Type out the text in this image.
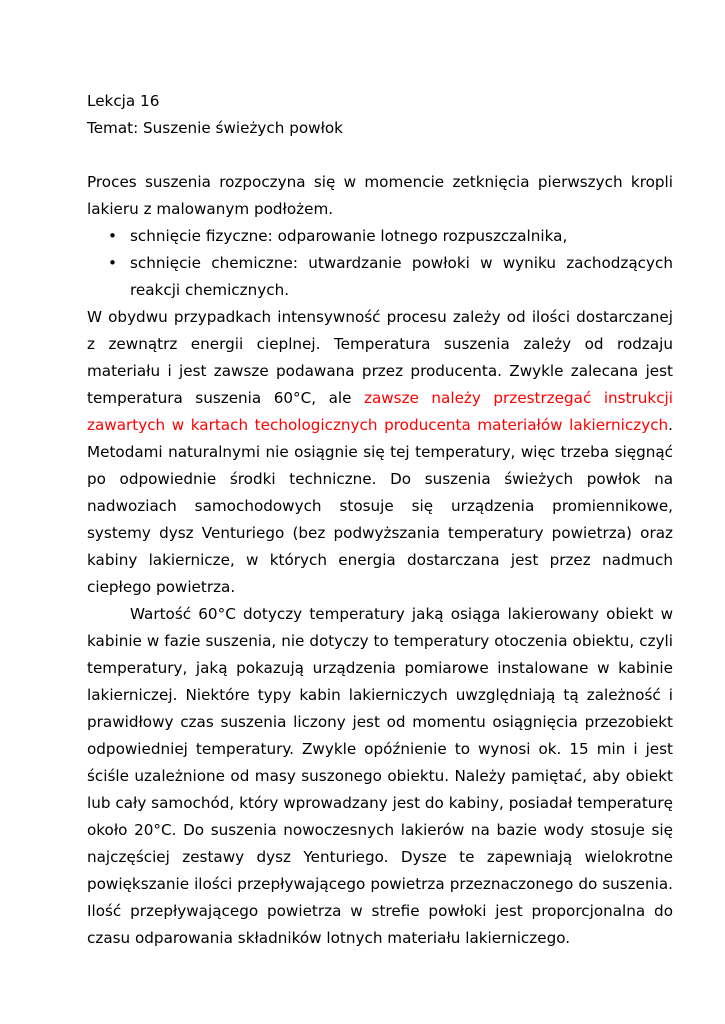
Lekcja 16

Temat: Suszenie świeżych powłok

Proces suszenia rozpoczyna się w momencie zetknięcia pierwszych kropli lakieru z malowanym podłożem.

• schnięcie fizyczne: odparowanie lotnego rozpuszczalnika,
• schnięcie chemiczne: utwardzanie powłoki w wyniku zachodzących reakcji chemicznych.

W obydwu przypadkach intensywność procesu zależy od ilości dostarczanej z zewnątrz energii cieplnej. Temperatura suszenia zależy od rodzaju materiału i jest zawsze podawana przez producenta. Zwykle zalecana jest temperatura suszenia 60°C, ale zawsze należy przestrzegać instrukcji zawartych w kartach techologicznych producenta materiałów lakierniczych. Metodami naturalnymi nie osiągnie się tej temperatury, więc trzeba sięgnąć po odpowiednie środki techniczne. Do suszenia świeżych powłok na nadwoziach samochodowych stosuje się urządzenia promiennikowe, systemy dysz Venturiego (bez podwyższania temperatury powietrza) oraz kabiny lakiernicze, w których energia dostarczana jest przez nadmuch ciepłego powietrza.

Wartość 60°C dotyczy temperatury jaką osiąga lakierowany obiekt w kabinie w fazie suszenia, nie dotyczy to temperatury otoczenia obiektu, czyli temperatury, jaką pokazują urządzenia pomiarowe instalowane w kabinie lakierniczej. Niektóre typy kabin lakierniczych uwzględniają tą zależność i prawidłowy czas suszenia liczony jest od momentu osiągnięcia przezobiekt odpowiedniej temperatury. Zwykle opóźnienie to wynosi ok. 15 min i jest ściśle uzależnione od masy suszonego obiektu. Należy pamiętać, aby obiekt lub cały samochód, który wprowadzany jest do kabiny, posiadał temperaturę około 20°C. Do suszenia nowoczesnych lakierów na bazie wody stosuje się najczęściej zestawy dysz Yenturiego. Dysze te zapewniają wielokrotne powiększanie ilości przepływającego powietrza przeznaczonego do suszenia. Ilość przepływającego powietrza w strefie powłoki jest proporcjonalna do czasu odparowania składników lotnych materiału lakierniczego.
